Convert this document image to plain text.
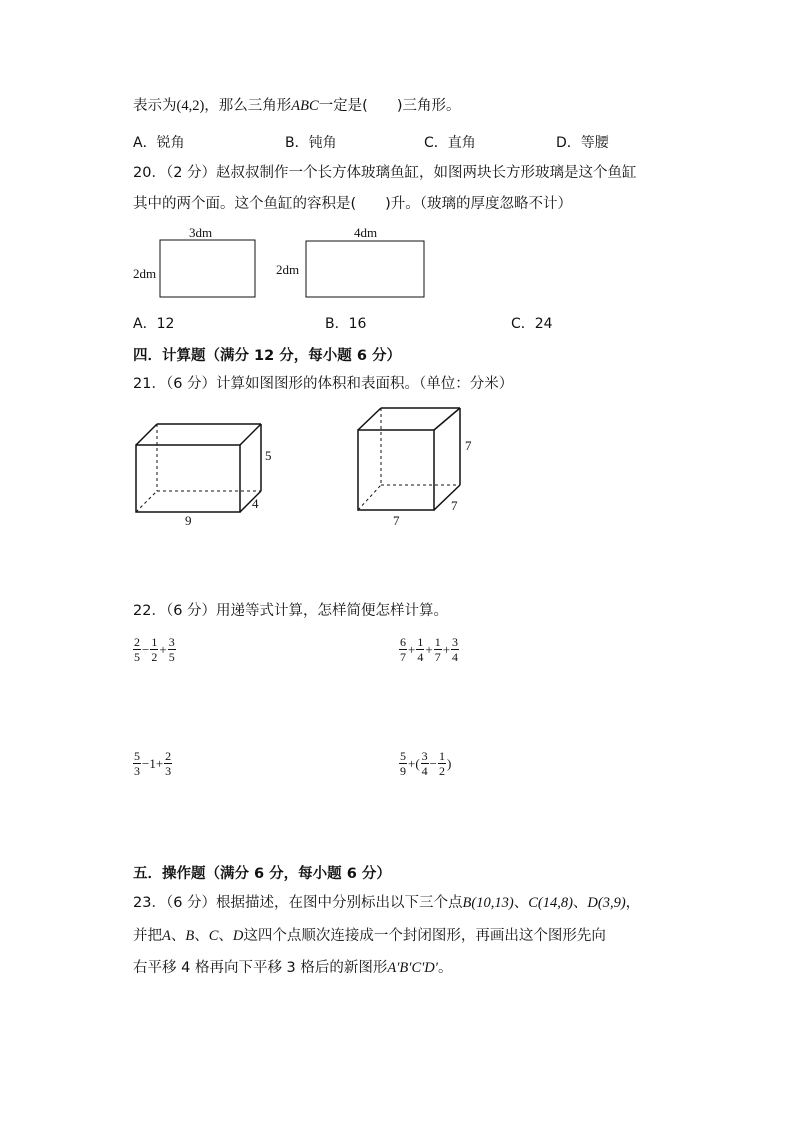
表示为(4,2)，那么三角形ABC一定是(　　)三角形。
A．锐角	B．钝角	C．直角	D．等腰
20．（2 分）赵叔叔制作一个长方体玻璃鱼缸，如图两块长方形玻璃是这个鱼缸
其中的两个面。这个鱼缸的容积是(　　)升。（玻璃的厚度忽略不计）
3dm
2dm
4dm
2dm
A．12	B．16	C．24
四．计算题（满分 12 分，每小题 6 分）
21．（6 分）计算如图图形的体积和表面积。（单位：分米）
5
4
9
7
7
7
22．（6 分）用递等式计算，怎样简便怎样计算。
$\frac{2}{5} - \frac{1}{2} + \frac{3}{5}$	$\frac{6}{7} + \frac{1}{4} + \frac{1}{7} + \frac{3}{4}$
$\frac{5}{3} -1+ \frac{2}{3}$	$\frac{5}{9}$ +( $\frac{3}{4} - \frac{1}{2}$ )
五．操作题（满分 6 分，每小题 6 分）
23．（6 分）根据描述，在图中分别标出以下三个点B(10,13)、C(14,8)、D(3,9)，
并把A、B、C、D这四个点顺次连接成一个封闭图形，再画出这个图形先向
右平移 4 格再向下平移 3 格后的新图形A′B′C′D′。
